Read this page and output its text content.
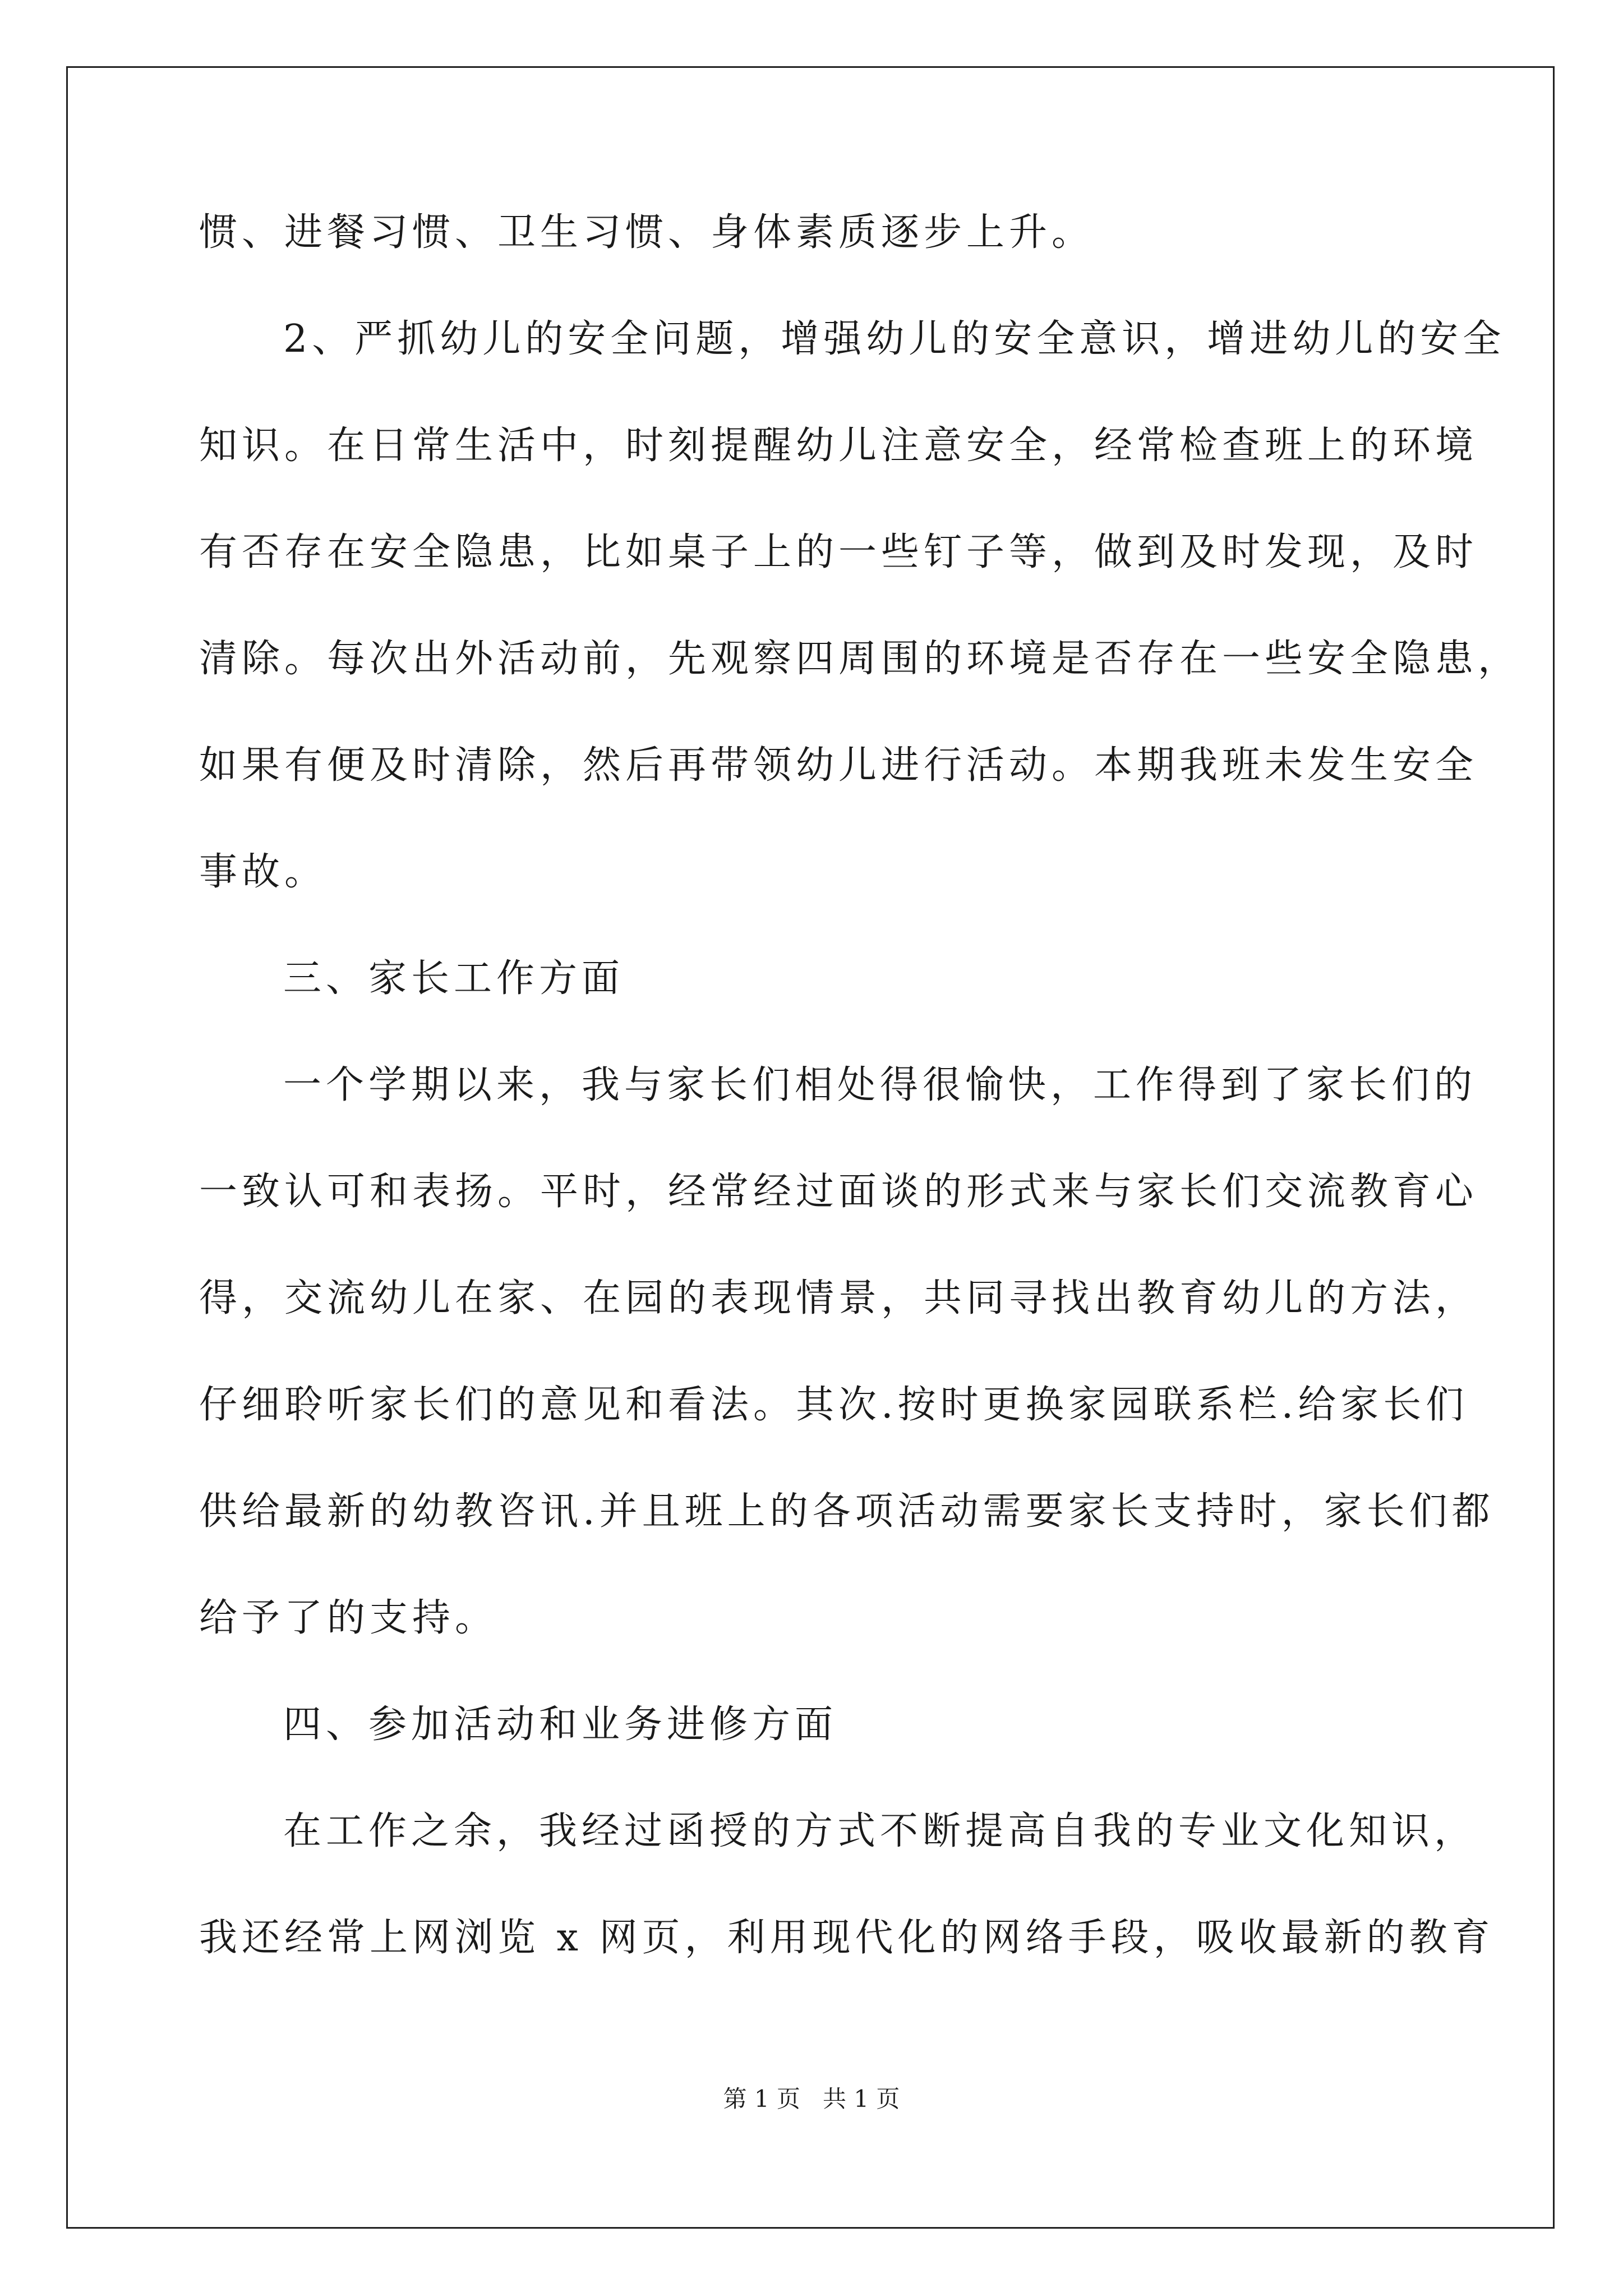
惯、进餐习惯、卫生习惯、身体素质逐步上升。
2、严抓幼儿的安全问题，增强幼儿的安全意识，增进幼儿的安全
知识。在日常生活中，时刻提醒幼儿注意安全，经常检查班上的环境
有否存在安全隐患，比如桌子上的一些钉子等，做到及时发现，及时
清除。每次出外活动前，先观察四周围的环境是否存在一些安全隐患，
如果有便及时清除，然后再带领幼儿进行活动。本期我班未发生安全
事故。
三、家长工作方面
一个学期以来，我与家长们相处得很愉快，工作得到了家长们的
一致认可和表扬。平时，经常经过面谈的形式来与家长们交流教育心
得，交流幼儿在家、在园的表现情景，共同寻找出教育幼儿的方法，
仔细聆听家长们的意见和看法。其次.按时更换家园联系栏.给家长们
供给最新的幼教咨讯.并且班上的各项活动需要家长支持时，家长们都
给予了的支持。
四、参加活动和业务进修方面
在工作之余，我经过函授的方式不断提高自我的专业文化知识，
我还经常上网浏览 x 网页，利用现代化的网络手段，吸收最新的教育
第 1 页 共 1 页
